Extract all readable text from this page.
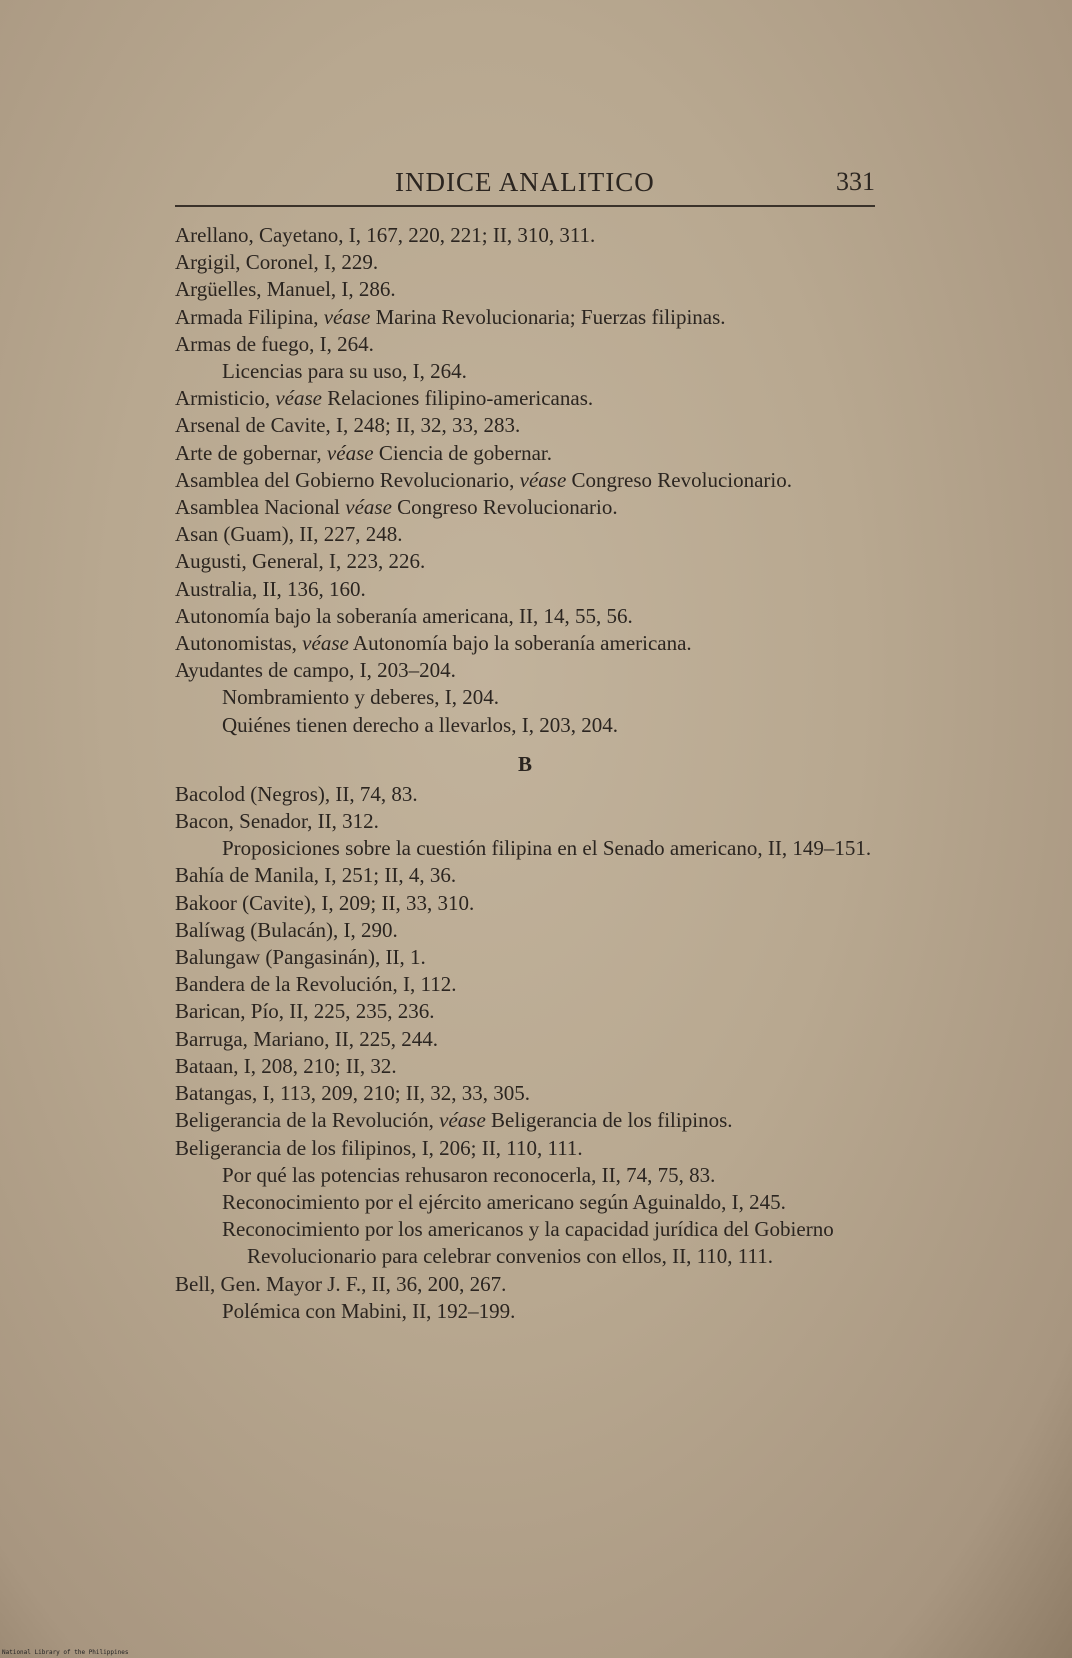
INDICE ANALITICO	331
Arellano, Cayetano, I, 167, 220, 221; II, 310, 311.
Argigil, Coronel, I, 229.
Argüelles, Manuel, I, 286.
Armada Filipina, véase Marina Revolucionaria; Fuerzas filipinas.
Armas de fuego, I, 264.
Licencias para su uso, I, 264.
Armisticio, véase Relaciones filipino-americanas.
Arsenal de Cavite, I, 248; II, 32, 33, 283.
Arte de gobernar, véase Ciencia de gobernar.
Asamblea del Gobierno Revolucionario, véase Congreso Revolucionario.
Asamblea Nacional véase Congreso Revolucionario.
Asan (Guam), II, 227, 248.
Augusti, General, I, 223, 226.
Australia, II, 136, 160.
Autonomía bajo la soberanía americana, II, 14, 55, 56.
Autonomistas, véase Autonomía bajo la soberanía americana.
Ayudantes de campo, I, 203–204.
Nombramiento y deberes, I, 204.
Quiénes tienen derecho a llevarlos, I, 203, 204.
B
Bacolod (Negros), II, 74, 83.
Bacon, Senador, II, 312.
Proposiciones sobre la cuestión filipina en el Senado americano, II, 149–151.
Bahía de Manila, I, 251; II, 4, 36.
Bakoor (Cavite), I, 209; II, 33, 310.
Balíwag (Bulacán), I, 290.
Balungaw (Pangasinán), II, 1.
Bandera de la Revolución, I, 112.
Barican, Pío, II, 225, 235, 236.
Barruga, Mariano, II, 225, 244.
Bataan, I, 208, 210; II, 32.
Batangas, I, 113, 209, 210; II, 32, 33, 305.
Beligerancia de la Revolución, véase Beligerancia de los filipinos.
Beligerancia de los filipinos, I, 206; II, 110, 111.
Por qué las potencias rehusaron reconocerla, II, 74, 75, 83.
Reconocimiento por el ejército americano según Aguinaldo, I, 245.
Reconocimiento por los americanos y la capacidad jurídica del Gobierno Revolucionario para celebrar convenios con ellos, II, 110, 111.
Bell, Gen. Mayor J. F., II, 36, 200, 267.
Polémica con Mabini, II, 192–199.
National Library of the Philippines
